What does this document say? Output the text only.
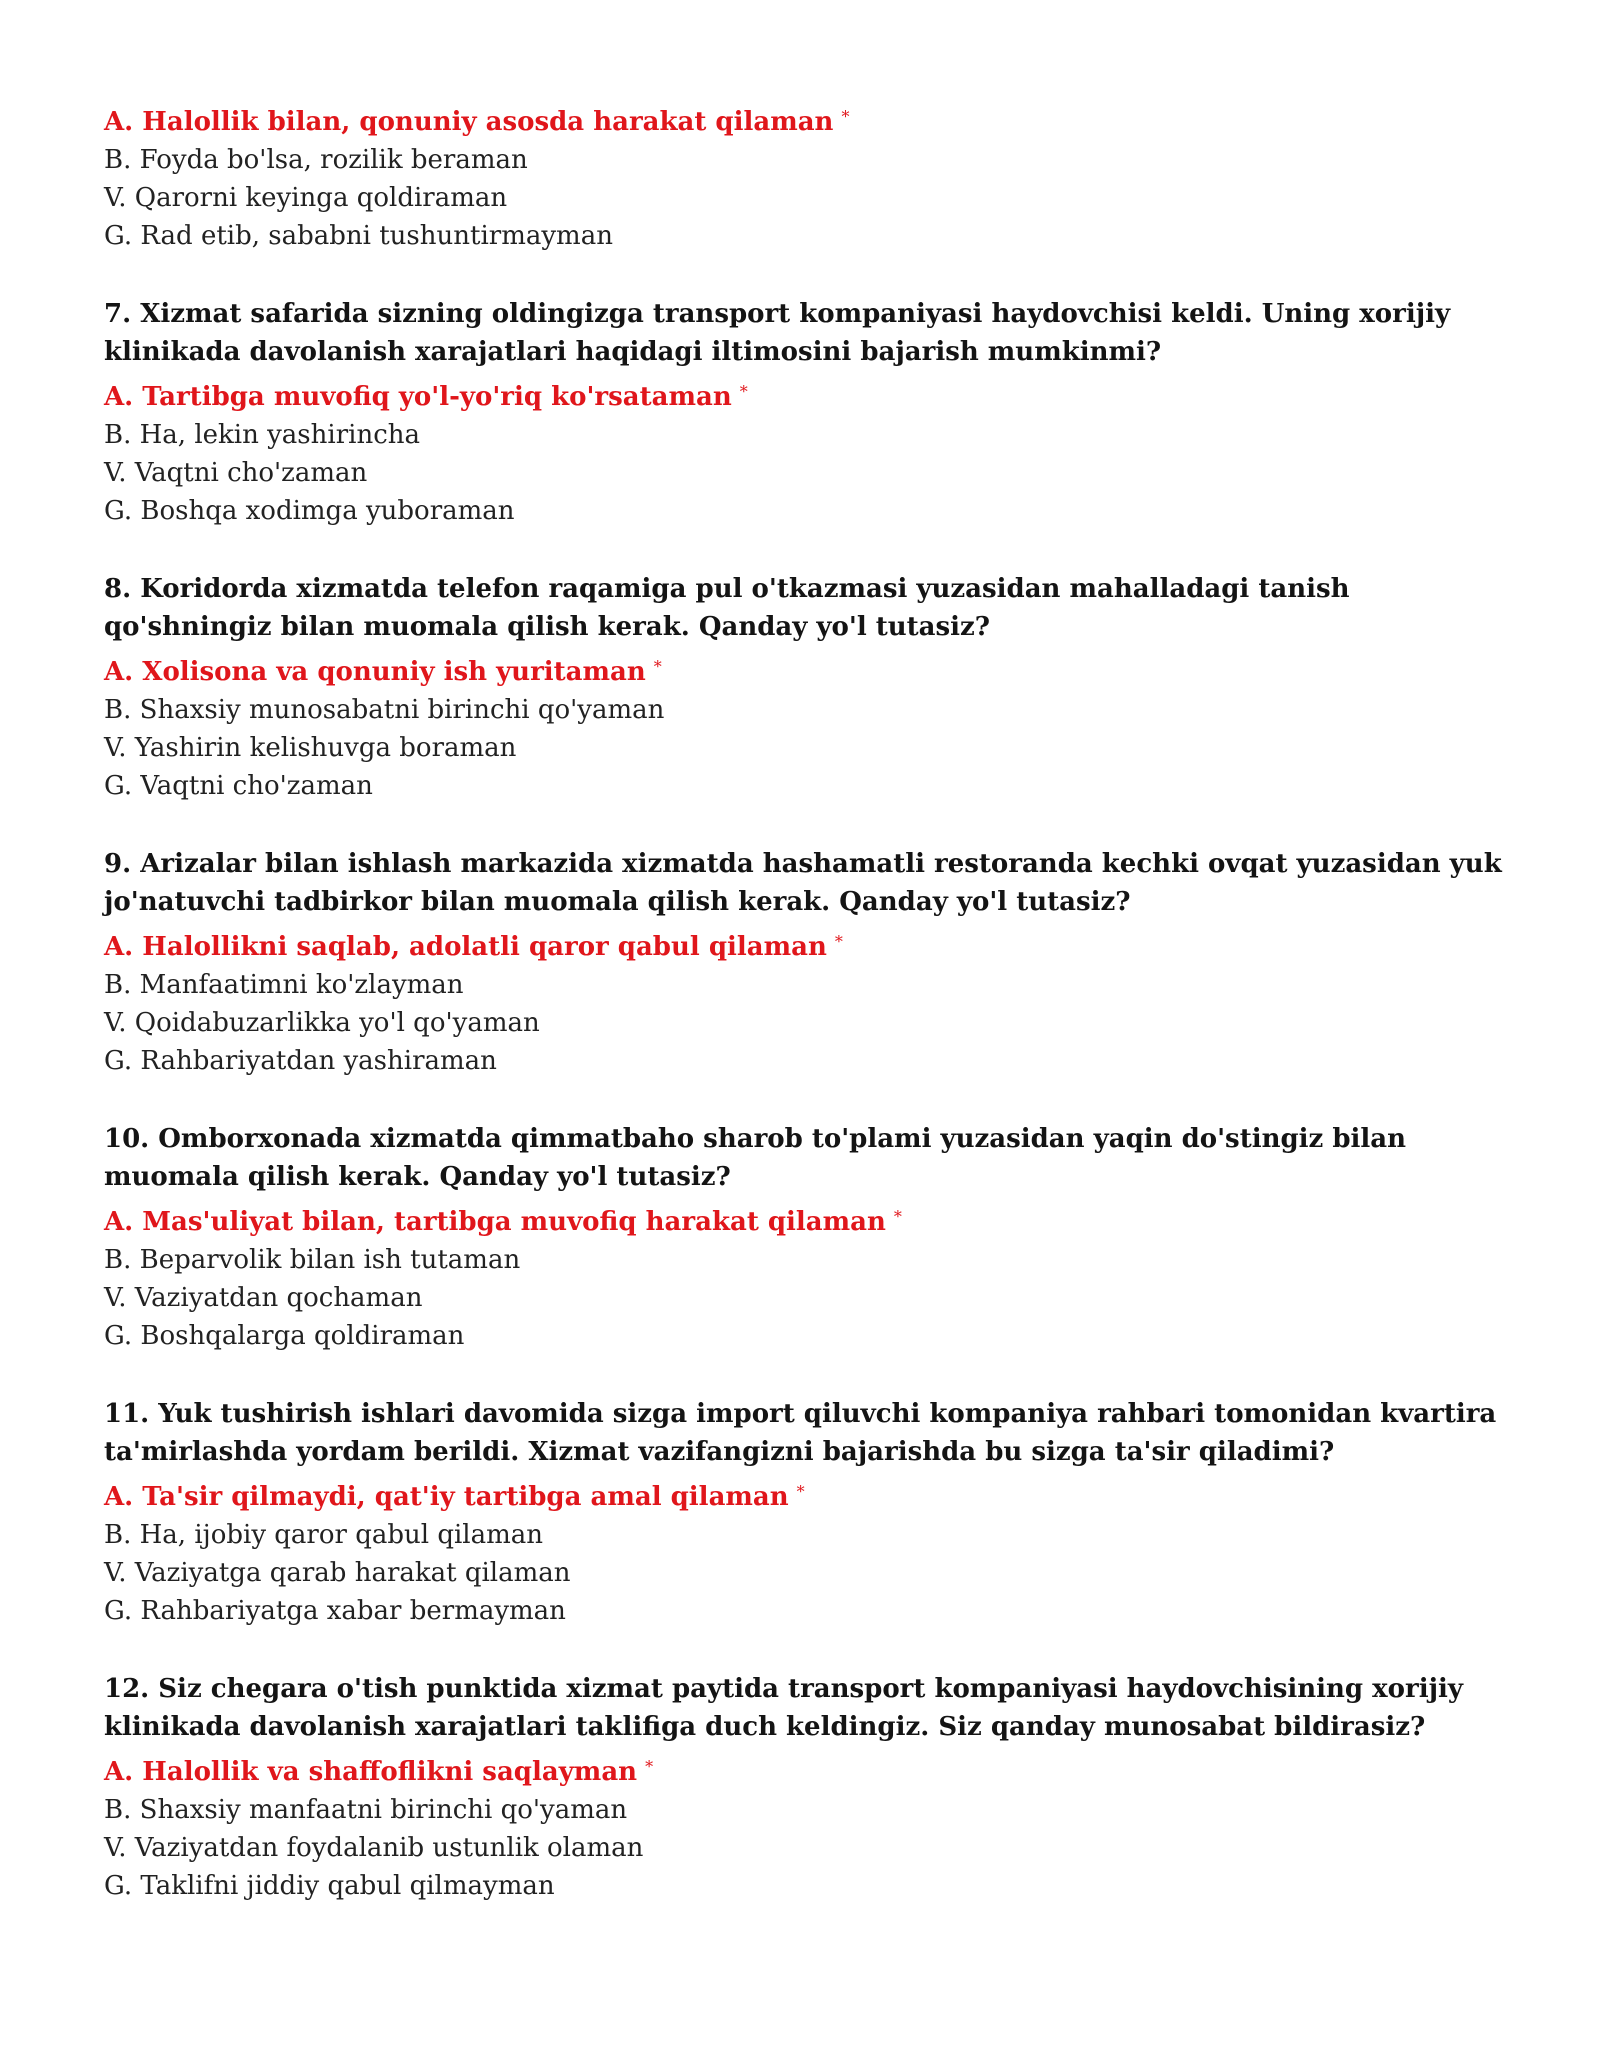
A. Halollik bilan, qonuniy asosda harakat qilaman *
B. Foyda bo'lsa, rozilik beraman
V. Qarorni keyinga qoldiraman
G. Rad etib, sababni tushuntirmayman
7. Xizmat safarida sizning oldingizga transport kompaniyasi haydovchisi keldi. Uning xorijiy klinikada davolanish xarajatlari haqidagi iltimosini bajarish mumkinmi?
A. Tartibga muvofiq yo'l-yo'riq ko'rsataman *
B. Ha, lekin yashirincha
V. Vaqtni cho'zaman
G. Boshqa xodimga yuboraman
8. Koridorda xizmatda telefon raqamiga pul o'tkazmasi yuzasidan mahalladagi tanish qo'shningiz bilan muomala qilish kerak. Qanday yo'l tutasiz?
A. Xolisona va qonuniy ish yuritaman *
B. Shaxsiy munosabatni birinchi qo'yaman
V. Yashirin kelishuvga boraman
G. Vaqtni cho'zaman
9. Arizalar bilan ishlash markazida xizmatda hashamatli restoranda kechki ovqat yuzasidan yuk jo'natuvchi tadbirkor bilan muomala qilish kerak. Qanday yo'l tutasiz?
A. Halollikni saqlab, adolatli qaror qabul qilaman *
B. Manfaatimni ko'zlayman
V. Qoidabuzarlikka yo'l qo'yaman
G. Rahbariyatdan yashiraman
10. Omborxonada xizmatda qimmatbaho sharob to'plami yuzasidan yaqin do'stingiz bilan muomala qilish kerak. Qanday yo'l tutasiz?
A. Mas'uliyat bilan, tartibga muvofiq harakat qilaman *
B. Beparvolik bilan ish tutaman
V. Vaziyatdan qochaman
G. Boshqalarga qoldiraman
11. Yuk tushirish ishlari davomida sizga import qiluvchi kompaniya rahbari tomonidan kvartira ta'mirlashda yordam berildi. Xizmat vazifangizni bajarishda bu sizga ta'sir qiladimi?
A. Ta'sir qilmaydi, qat'iy tartibga amal qilaman *
B. Ha, ijobiy qaror qabul qilaman
V. Vaziyatga qarab harakat qilaman
G. Rahbariyatga xabar bermayman
12. Siz chegara o'tish punktida xizmat paytida transport kompaniyasi haydovchisining xorijiy klinikada davolanish xarajatlari taklifiga duch keldingiz. Siz qanday munosabat bildirasiz?
A. Halollik va shaffoflikni saqlayman *
B. Shaxsiy manfaatni birinchi qo'yaman
V. Vaziyatdan foydalanib ustunlik olaman
G. Taklifni jiddiy qabul qilmayman
